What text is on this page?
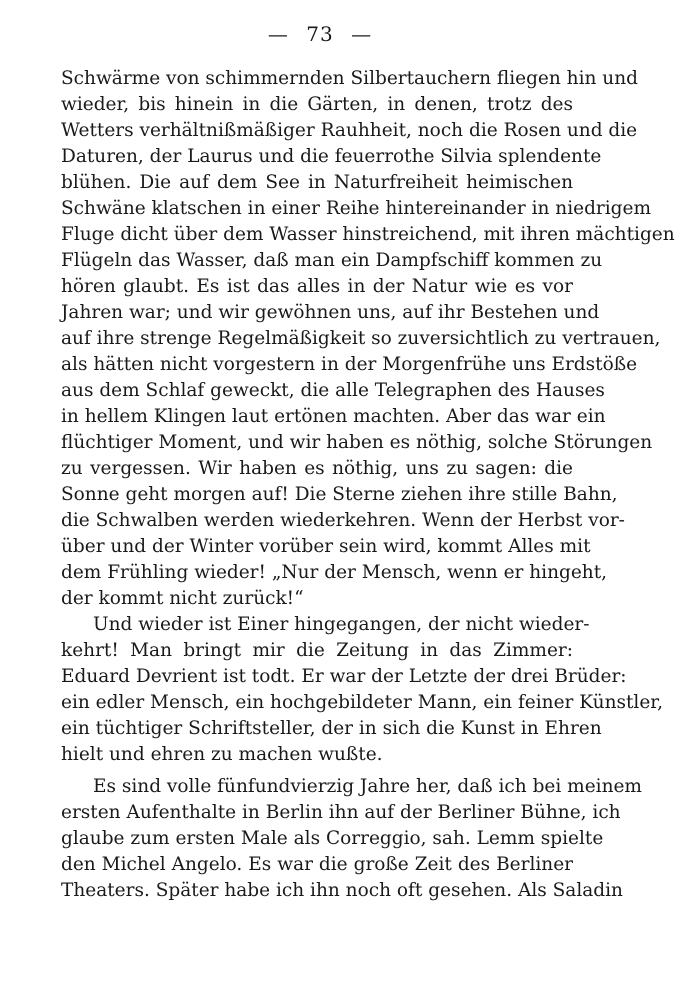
— 73 —
Schwärme von schimmernden Silbertauchern fliegen hin und
wieder, bis hinein in die Gärten, in denen, trotz des
Wetters verhältnißmäßiger Rauhheit, noch die Rosen und die
Daturen, der Laurus und die feuerrothe Silvia splendente
blühen. Die auf dem See in Naturfreiheit heimischen
Schwäne klatschen in einer Reihe hintereinander in niedrigem
Fluge dicht über dem Wasser hinstreichend, mit ihren mächtigen
Flügeln das Wasser, daß man ein Dampfschiff kommen zu
hören glaubt. Es ist das alles in der Natur wie es vor
Jahren war; und wir gewöhnen uns, auf ihr Bestehen und
auf ihre strenge Regelmäßigkeit so zuversichtlich zu vertrauen,
als hätten nicht vorgestern in der Morgenfrühe uns Erdstöße
aus dem Schlaf geweckt, die alle Telegraphen des Hauses
in hellem Klingen laut ertönen machten. Aber das war ein
flüchtiger Moment, und wir haben es nöthig, solche Störungen
zu vergessen. Wir haben es nöthig, uns zu sagen: die
Sonne geht morgen auf! Die Sterne ziehen ihre stille Bahn,
die Schwalben werden wiederkehren. Wenn der Herbst vor-
über und der Winter vorüber sein wird, kommt Alles mit
dem Frühling wieder! „Nur der Mensch, wenn er hingeht,
der kommt nicht zurück!“
Und wieder ist Einer hingegangen, der nicht wieder-
kehrt! Man bringt mir die Zeitung in das Zimmer:
Eduard Devrient ist todt. Er war der Letzte der drei Brüder:
ein edler Mensch, ein hochgebildeter Mann, ein feiner Künstler,
ein tüchtiger Schriftsteller, der in sich die Kunst in Ehren
hielt und ehren zu machen wußte.
Es sind volle fünfundvierzig Jahre her, daß ich bei meinem
ersten Aufenthalte in Berlin ihn auf der Berliner Bühne, ich
glaube zum ersten Male als Correggio, sah. Lemm spielte
den Michel Angelo. Es war die große Zeit des Berliner
Theaters. Später habe ich ihn noch oft gesehen. Als Saladin
